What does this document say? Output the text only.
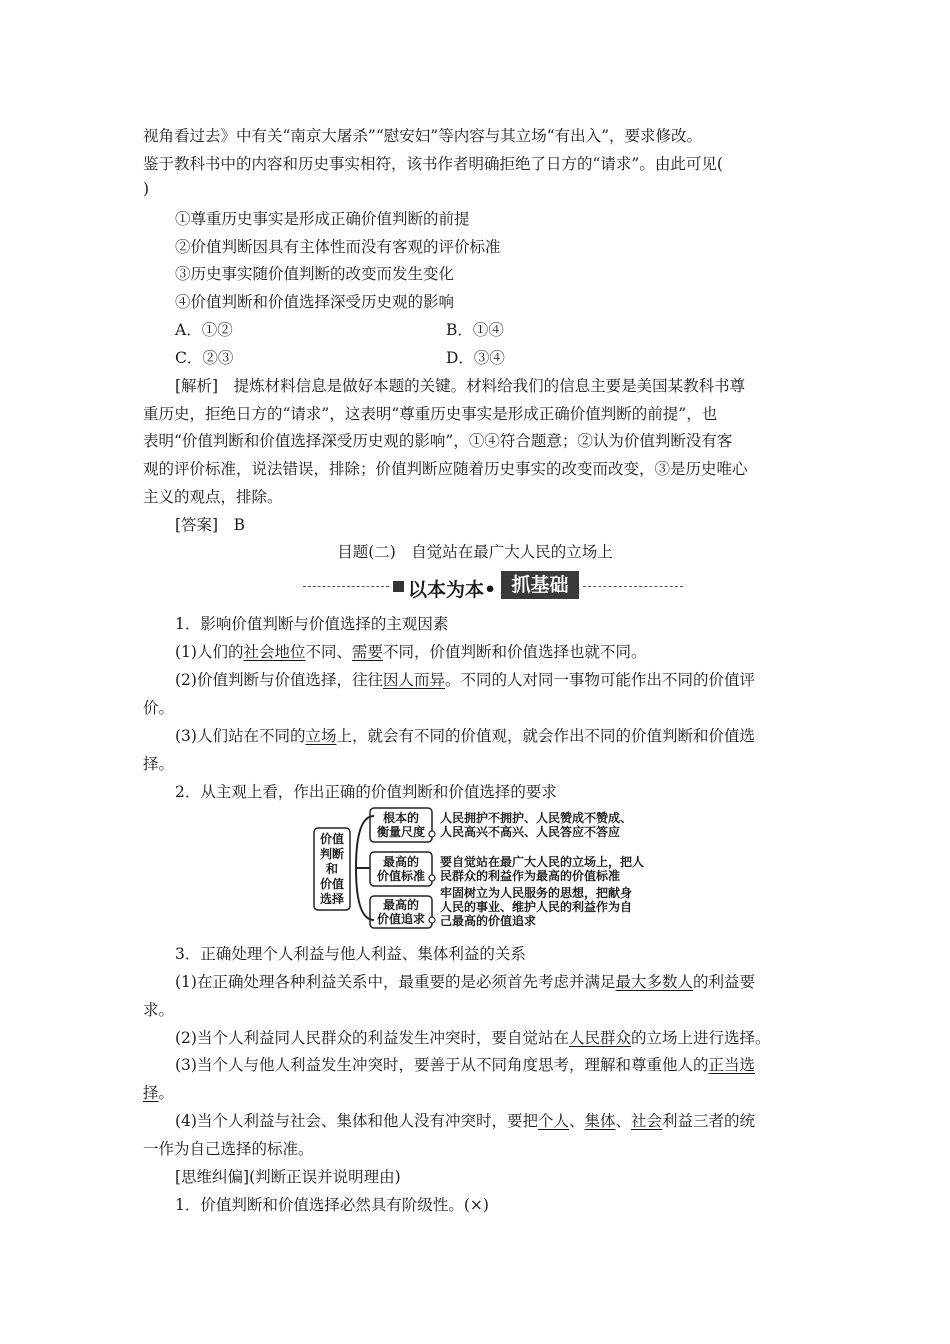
视角看过去》中有关“南京大屠杀”“慰安妇”等内容与其立场“有出入”，要求修改。
鉴于教科书中的内容和历史事实相符，该书作者明确拒绝了日方的“请求”。由此可见(
)
①尊重历史事实是形成正确价值判断的前提
②价值判断因具有主体性而没有客观的评价标准
③历史事实随价值判断的改变而发生变化
④价值判断和价值选择深受历史观的影响
A．①②	B．①④
C．②③	D．③④
[解析]　提炼材料信息是做好本题的关键。材料给我们的信息主要是美国某教科书尊
重历史，拒绝日方的“请求”，这表明“尊重历史事实是形成正确价值判断的前提”，也
表明“价值判断和价值选择深受历史观的影响”，①④符合题意；②认为价值判断没有客
观的评价标准，说法错误，排除；价值判断应随着历史事实的改变而改变，③是历史唯心
主义的观点，排除。
[答案]　B
目题(二)　自觉站在最广大人民的立场上
以本为本• 抓基础
1．影响价值判断与价值选择的主观因素
(1)人们的社会地位不同、需要不同，价值判断和价值选择也就不同。
(2)价值判断与价值选择，往往因人而异。不同的人对同一事物可能作出不同的价值评
价。
(3)人们站在不同的立场上，就会有不同的价值观，就会作出不同的价值判断和价值选
择。
2．从主观上看，作出正确的价值判断和价值选择的要求
价值
判断
和
价值
选择
根本的
衡量尺度
最高的
价值标准
最高的
价值追求
人民拥护不拥护、人民赞成不赞成、
人民高兴不高兴、人民答应不答应
要自觉站在最广大人民的立场上，把人
民群众的利益作为最高的价值标准
牢固树立为人民服务的思想，把献身
人民的事业、维护人民的利益作为自
己最高的价值追求
3．正确处理个人利益与他人利益、集体利益的关系
(1)在正确处理各种利益关系中，最重要的是必须首先考虑并满足最大多数人的利益要
求。
(2)当个人利益同人民群众的利益发生冲突时，要自觉站在人民群众的立场上进行选择。
(3)当个人与他人利益发生冲突时，要善于从不同角度思考，理解和尊重他人的正当选
择。
(4)当个人利益与社会、集体和他人没有冲突时，要把个人、集体、社会利益三者的统
一作为自己选择的标准。
[思维纠偏](判断正误并说明理由)
1．价值判断和价值选择必然具有阶级性。(×)
